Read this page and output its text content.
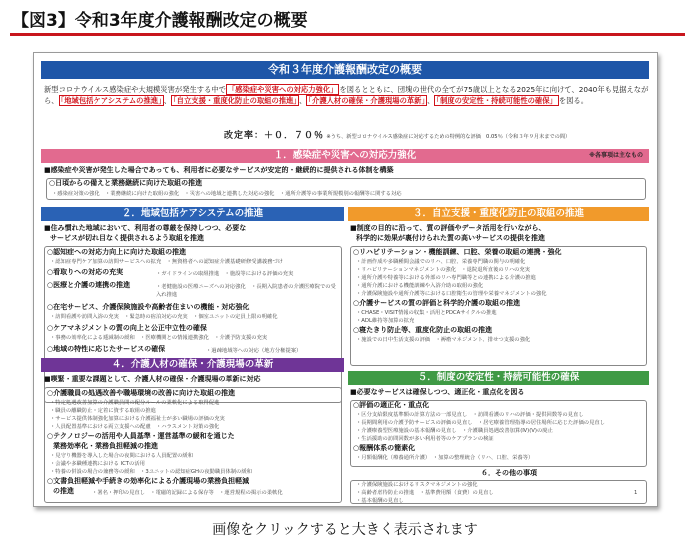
【図3】令和3年度介護報酬改定の概要
令和３年度介護報酬改定の概要
新型コロナウイルス感染症や大規模災害が発生する中で 「感染症や災害への対応力強化」 を図るとともに、団塊の世代の全てが75歳以上となる2025年に向けて、2040年も見据えながら、 「地域包括ケアシステムの推進」 、 「自立支援・重度化防止の取組の推進」 、 「介護人材の確保・介護現場の革新」 、 「制度の安定性・持続可能性の確保」 を図る。
改定率：＋０．７０％ ※うち、新型コロナウイルス感染症に対応するための特例的な評価　0.05％（令和３年９月末までの間）
１．感染症や災害への対応力強化	※各事項は主なもの
■感染症や災害が発生した場合であっても、利用者に必要なサービスが安定的・継続的に提供される体制を構築
○日頃からの備えと業務継続に向けた取組の推進
・感染症対策の強化　・業務継続に向けた取組の強化　・災害への地域と連携した対応の強化　・通所介護等の事業所規模別の報酬等に関する対応
２．地域包括ケアシステムの推進
■住み慣れた地域において、利用者の尊厳を保持しつつ、必要な
サービスが切れ目なく提供されるよう取組を推進
○認知症への対応力向上に向けた取組の推進
・認知症専門ケア加算の訪問サービスへの拡充　・無資格者への認知症介護基礎研修受講義務づけ
○看取りへの対応の充実	・ガイドラインの取組推進　・施設等における評価の充実
○医療と介護の連携の推進	・老健施設の医療ニーズへの対応強化　・長期入院患者の介護医療院での受入れ推進
○在宅サービス、介護保険施設や高齢者住まいの機能・対応強化
・訪問看護や訪問入浴の充実　・緊急時の宿泊対応の充実　・個室ユニットの定員上限の明確化
○ケアマネジメントの質の向上と公正中立性の確保
・事務の効率化による逓減制の緩和　・医療機関との情報連携強化　・介護予防支援の充実
○地域の特性に応じたサービスの確保	・過疎地域等への対応（地方分権提案）
３．自立支援・重度化防止の取組の推進
■制度の目的に沿って、質の評価やデータ活用を行いながら、
科学的に効果が裏付けられた質の高いサービスの提供を推進
○リハビリテーション・機能訓練、口腔、栄養の取組の連携・強化
・計画作成や多職種間会議でのリハ、口腔、栄養専門職の関与の明確化
・リハビリテーションマネジメントの強化　・退院退所直後のリハの充実
・通所介護や特養等における外部のリハ専門職等との連携による介護の推進
・通所介護における機能訓練や入浴介助の取組の強化
・介護保険施設や通所介護等における口腔衛生の管理や栄養マネジメントの強化
○介護サービスの質の評価と科学的介護の取組の推進
・CHASE・VISIT情報の収集・活用とPDCAサイクルの推進
・ADL維持等加算の拡充
○寝たきり防止等、重度化防止の取組の推進
・施設での日中生活支援の評価　・褥瘡マネジメント、排せつ支援の強化
４．介護人材の確保・介護現場の革新
■喫緊・重要な課題として、介護人材の確保・介護現場の革新に対応
○介護職員の処遇改善や職場環境の改善に向けた取組の推進
・特定処遇改善加算の介護職員間の配分ルールの柔軟化による取得促進
・職員の離職防止・定着に資する取組の推進
・サービス提供体制強化加算における介護福祉士が多い職場の評価の充実
・人員配置基準における両立支援への配慮　・ハラスメント対策の強化
○テクノロジーの活用や人員基準・運営基準の緩和を通じた
業務効率化・業務負担軽減の推進
・見守り機器を導入した場合の夜間における人員配置の緩和
・会議や多職種連携における ICTの活用
・特養の併設の場合の兼務等の緩和　・3ユニットの認知症GHの夜勤職員体制の緩和
○文書負担軽減や手続きの効率化による介護現場の業務負担軽減
の推進	・署名・押印の見直し　・電磁的記録による保存等　・運営規程の掲示の柔軟化
５．制度の安定性・持続可能性の確保
■必要なサービスは確保しつつ、適正化・重点化を図る
○評価の適正化・重点化
・区分支給限度基準額の計算方法の一部見直し　・訪問看護のリハの評価・提供回数等の見直し
・長期間利用の介護予防サービスの評価の見直し　・居宅療養管理指導の居住場所に応じた評価の見直し
・介護療養型医療施設の基本報酬の見直し　・介護職員処遇改善加算(Ⅳ)(Ⅴ)の廃止
・生活援助の訪問回数が多い利用者等のケアプランの検証
○報酬体系の簡素化
・月額報酬化（療養通所介護）　・加算の整理統合（リハ、口腔、栄養等）
６．その他の事項
・介護保険施設におけるリスクマネジメントの強化
・高齢者虐待防止の推進　・基準費用額（食費）の見直し	1
・基本報酬の見直し
画像をクリックすると大きく表示されます
